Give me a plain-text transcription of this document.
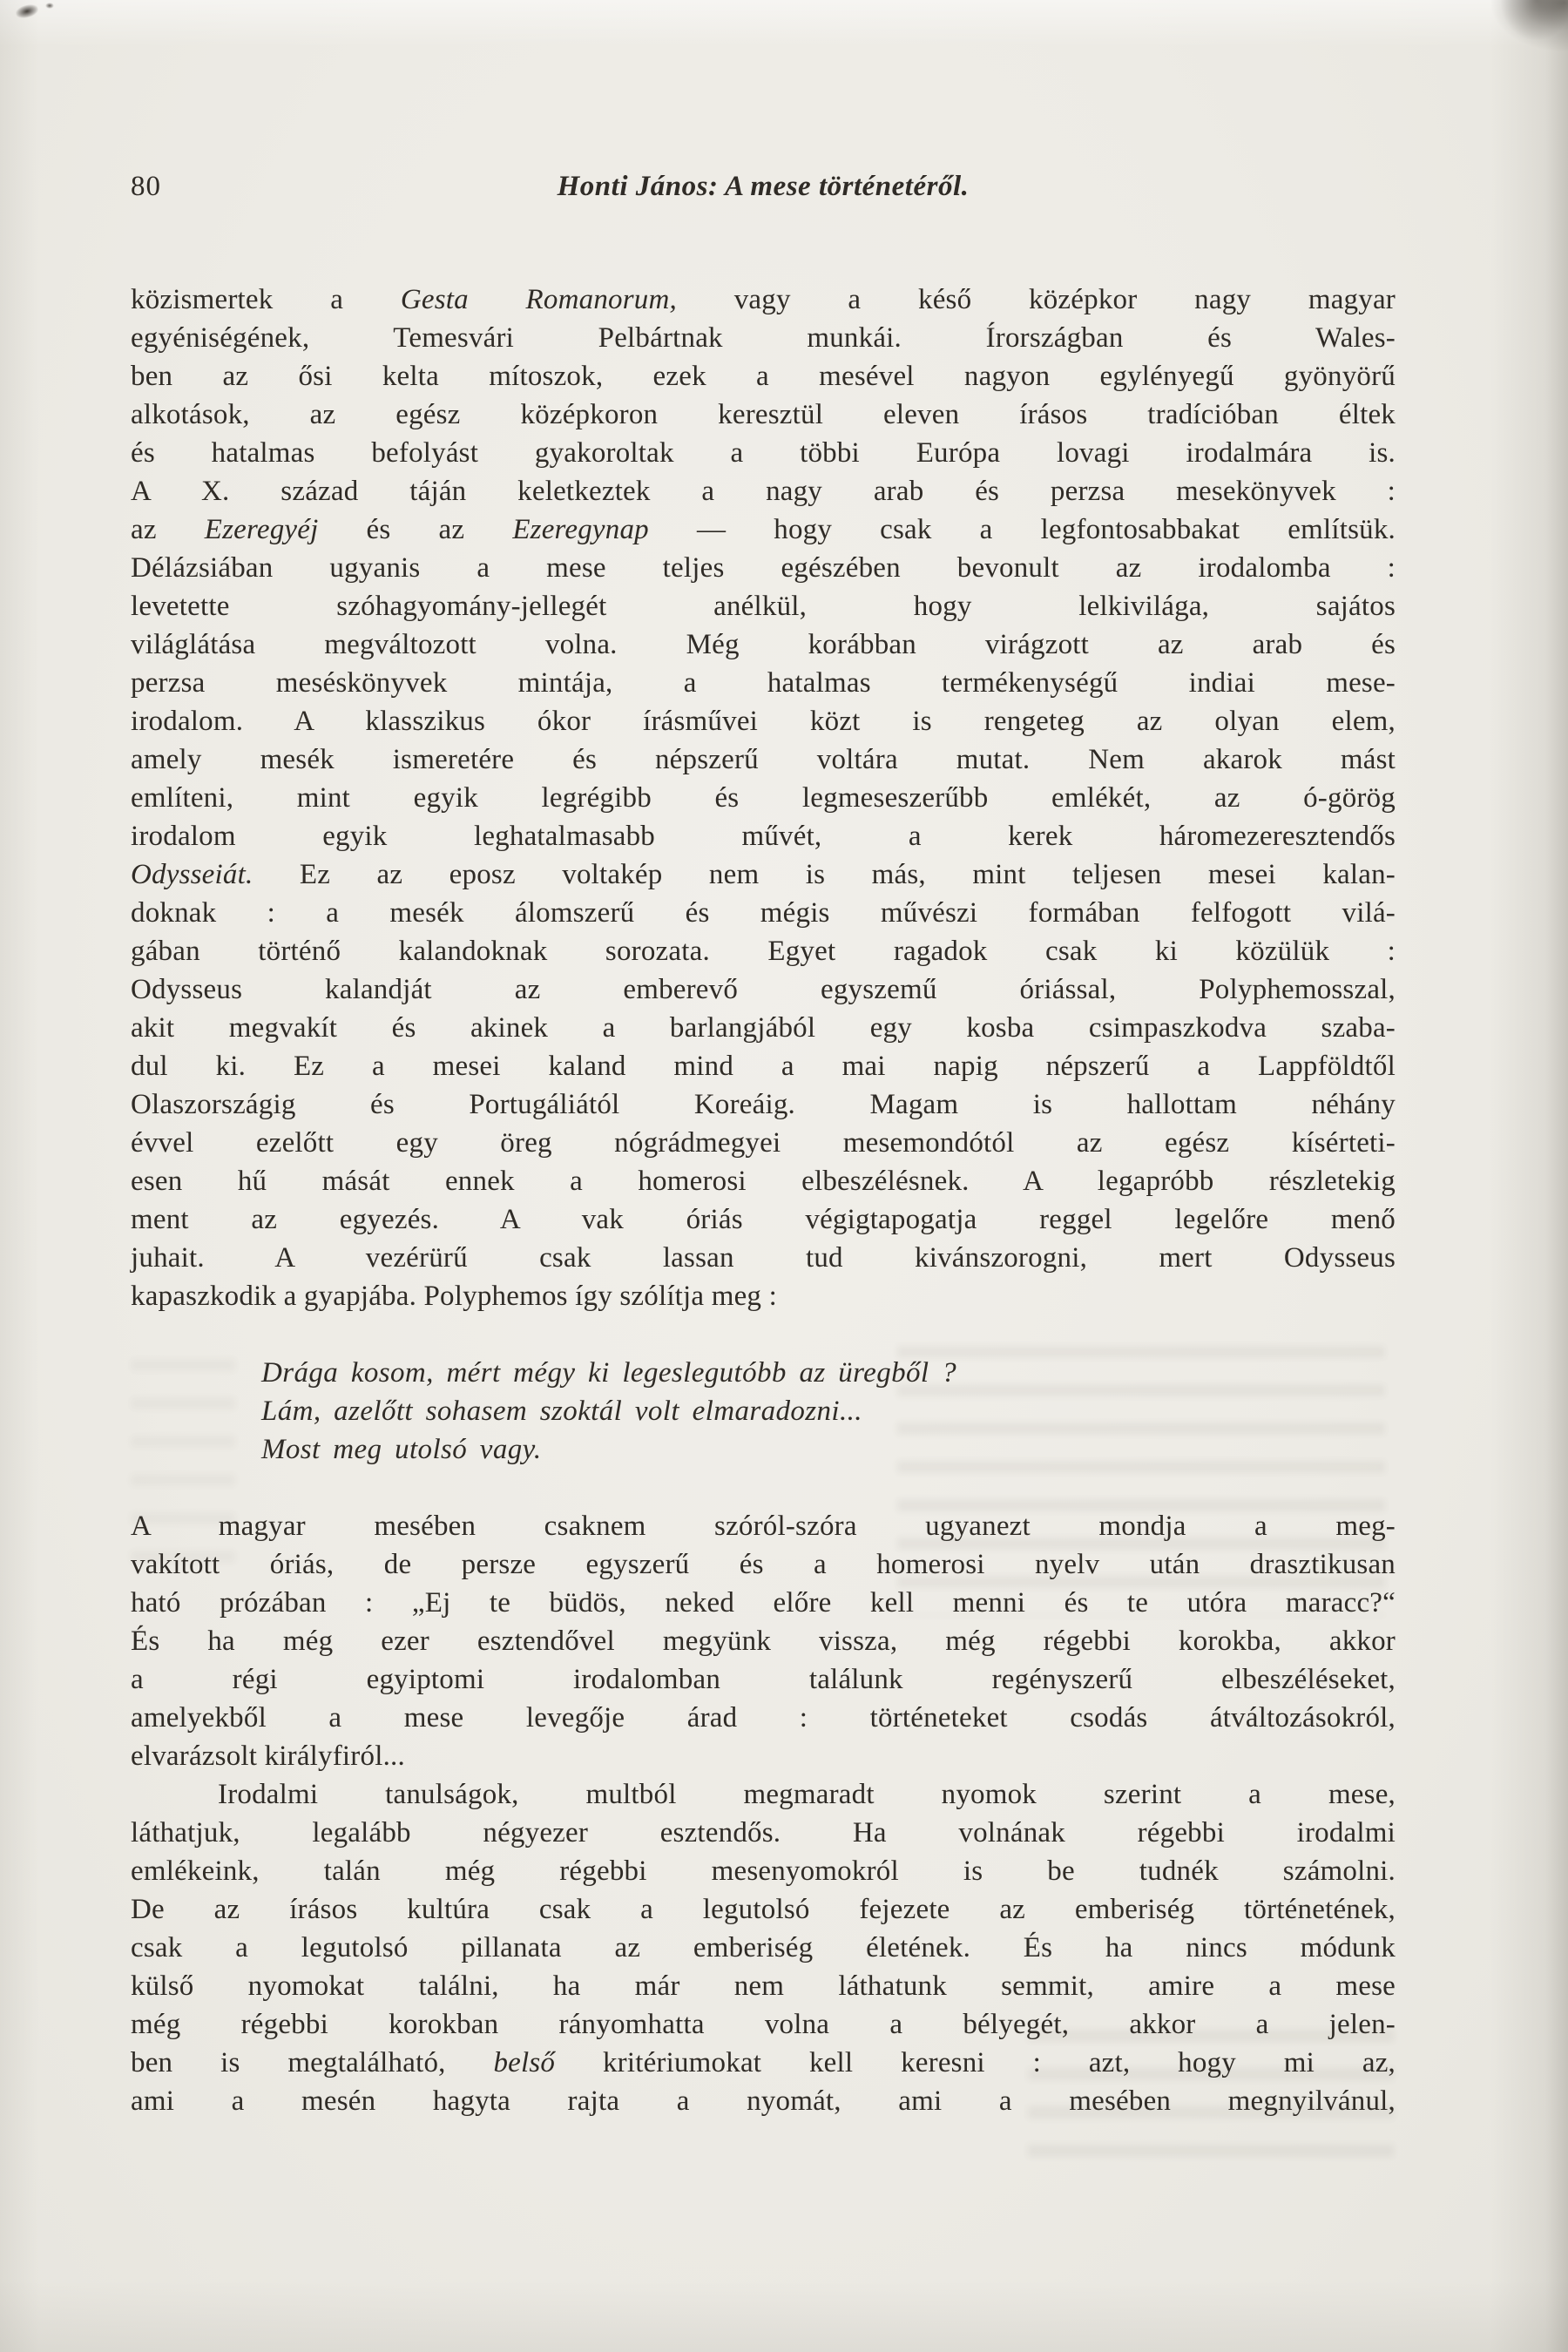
80	Honti János: A mese történetéről.
közismertek a Gesta Romanorum, vagy a késő középkor nagy magyar
egyéniségének, Temesvári Pelbártnak munkái. Írországban és Wales-
ben az ősi kelta mítoszok, ezek a mesével nagyon egylényegű gyönyörű
alkotások, az egész középkoron keresztül eleven írásos tradícióban éltek
és hatalmas befolyást gyakoroltak a többi Európa lovagi irodalmára is.
A X. század táján keletkeztek a nagy arab és perzsa mesekönyvek :
az Ezeregyéj és az Ezeregynap — hogy csak a legfontosabbakat említsük.
Délázsiában ugyanis a mese teljes egészében bevonult az irodalomba :
levetette szóhagyomány-jellegét anélkül, hogy lelkivilága, sajátos
világlátása megváltozott volna. Még korábban virágzott az arab és
perzsa meséskönyvek mintája, a hatalmas termékenységű indiai mese-
irodalom. A klasszikus ókor írásművei közt is rengeteg az olyan elem,
amely mesék ismeretére és népszerű voltára mutat. Nem akarok mást
említeni, mint egyik legrégibb és legmeseszerűbb emlékét, az ó-görög
irodalom egyik leghatalmasabb művét, a kerek háromezeresztendős
Odysseiát. Ez az eposz voltakép nem is más, mint teljesen mesei kalan-
doknak : a mesék álomszerű és mégis művészi formában felfogott vilá-
gában történő kalandoknak sorozata. Egyet ragadok csak ki közülük :
Odysseus kalandját az emberevő egyszemű óriással, Polyphemosszal,
akit megvakít és akinek a barlangjából egy kosba csimpaszkodva szaba-
dul ki. Ez a mesei kaland mind a mai napig népszerű a Lappföldtől
Olaszországig és Portugáliától Koreáig. Magam is hallottam néhány
évvel ezelőtt egy öreg nógrádmegyei mesemondótól az egész kísérteti-
esen hű mását ennek a homerosi elbeszélésnek. A legapróbb részletekig
ment az egyezés. A vak óriás végigtapogatja reggel legelőre menő
juhait. A vezérürű csak lassan tud kivánszorogni, mert Odysseus
kapaszkodik a gyapjába. Polyphemos így szólítja meg :
Drága kosom, mért mégy ki legeslegutóbb az üregből ?
Lám, azelőtt sohasem szoktál volt elmaradozni...
Most meg utolsó vagy.
A magyar mesében csaknem szóról-szóra ugyanezt mondja a meg-
vakított óriás, de persze egyszerű és a homerosi nyelv után drasztikusan
ható prózában : „Ej te büdös, neked előre kell menni és te utóra maracc?“
És ha még ezer esztendővel megyünk vissza, még régebbi korokba, akkor
a régi egyiptomi irodalomban találunk regényszerű elbeszéléseket,
amelyekből a mese levegője árad : történeteket csodás átváltozásokról,
elvarázsolt királyfiról...
Irodalmi tanulságok, multból megmaradt nyomok szerint a mese,
láthatjuk, legalább négyezer esztendős. Ha volnának régebbi irodalmi
emlékeink, talán még régebbi mesenyomokról is be tudnék számolni.
De az írásos kultúra csak a legutolsó fejezete az emberiség történetének,
csak a legutolsó pillanata az emberiség életének. És ha nincs módunk
külső nyomokat találni, ha már nem láthatunk semmit, amire a mese
még régebbi korokban rányomhatta volna a bélyegét, akkor a jelen-
ben is megtalálható, belső kritériumokat kell keresni : azt, hogy mi az,
ami a mesén hagyta rajta a nyomát, ami a mesében megnyilvánul,
